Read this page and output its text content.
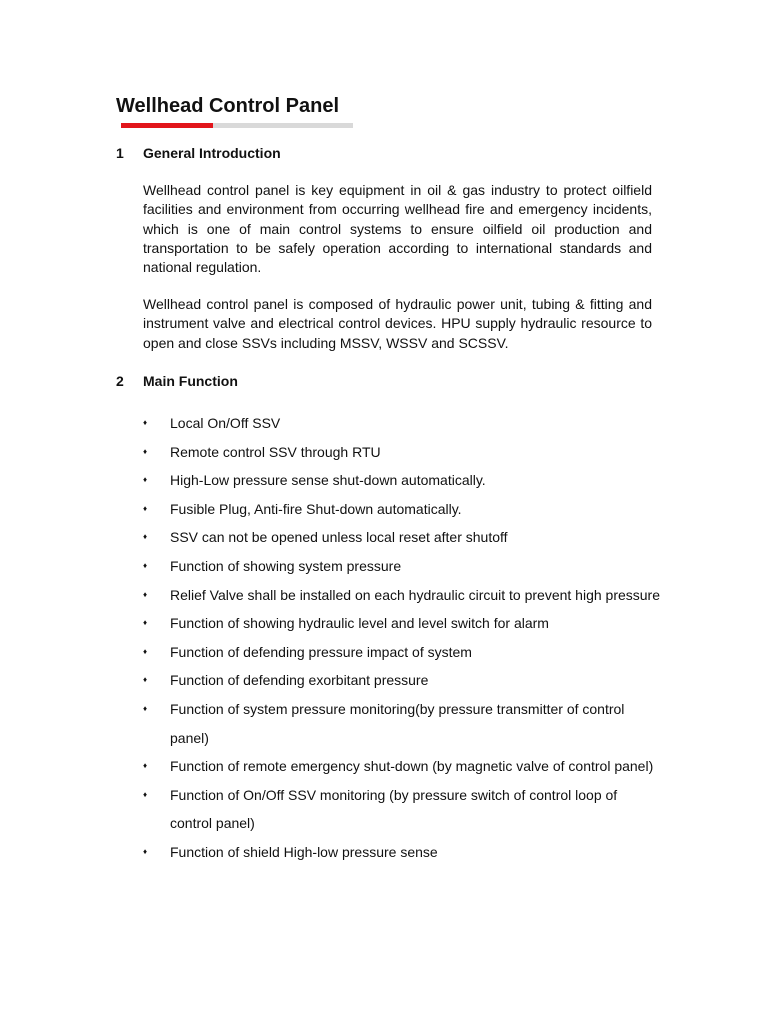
Wellhead Control Panel
1 General Introduction

Wellhead control panel is key equipment in oil & gas industry to protect oilfield facilities and environment from occurring wellhead fire and emergency incidents, which is one of main control systems to ensure oilfield oil production and transportation to be safely operation according to international standards and national regulation.

Wellhead control panel is composed of hydraulic power unit, tubing & fitting and instrument valve and electrical control devices. HPU supply hydraulic resource to open and close SSVs including MSSV, WSSV and SCSSV.

2 Main Function
♦ Local On/Off SSV
♦ Remote control SSV through RTU
♦ High-Low pressure sense shut-down automatically.
♦ Fusible Plug, Anti-fire Shut-down automatically.
♦ SSV can not be opened unless local reset after shutoff
♦ Function of showing system pressure
♦ Relief Valve shall be installed on each hydraulic circuit to prevent high pressure
♦ Function of showing hydraulic level and level switch for alarm
♦ Function of defending pressure impact of system
♦ Function of defending exorbitant pressure
♦ Function of system pressure monitoring(by pressure transmitter of control panel)
♦ Function of remote emergency shut-down (by magnetic valve of control panel)
♦ Function of On/Off SSV monitoring (by pressure switch of control loop of control panel)
♦ Function of shield High-low pressure sense
